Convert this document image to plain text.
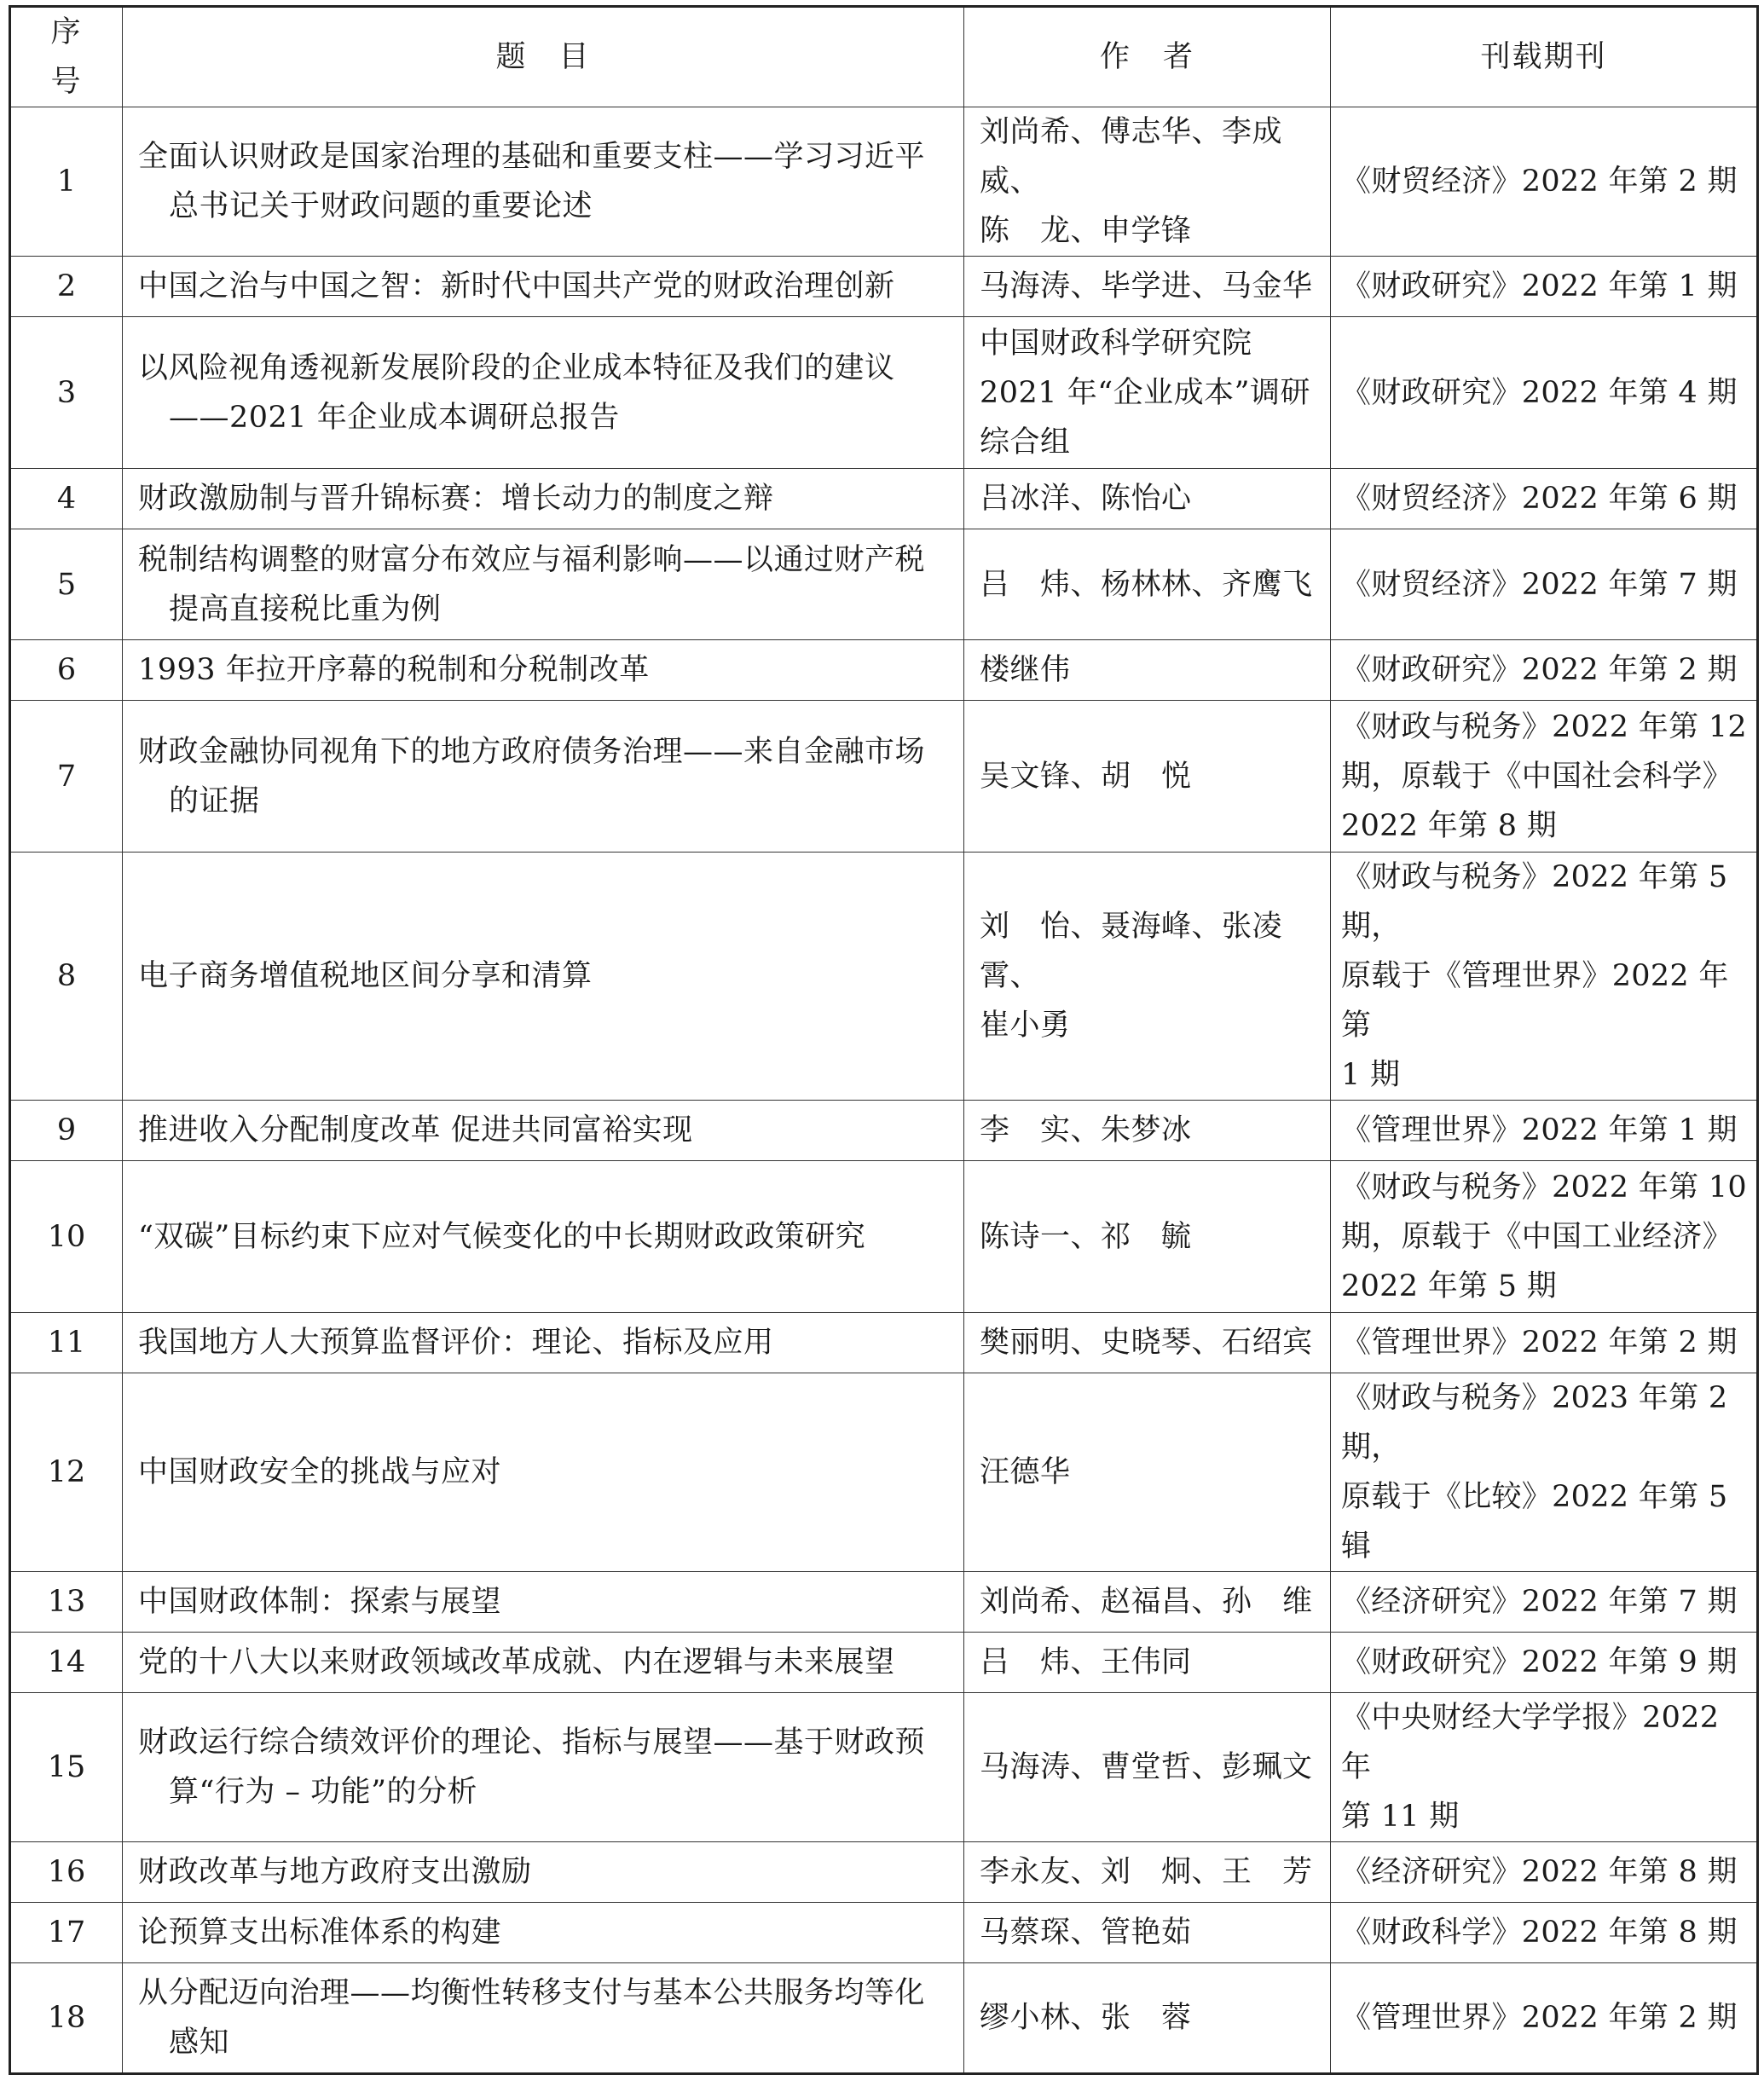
序　号	题　目	作　者	刊载期刊
1	全面认识财政是国家治理的基础和重要支柱——学习习近平
总书记关于财政问题的重要论述	刘尚希、傅志华、李成威、
陈　龙、申学锋	《财贸经济》2022 年第 2 期

2	中国之治与中国之智：新时代中国共产党的财政治理创新	马海涛、毕学进、马金华	《财政研究》2022 年第 1 期

3	以风险视角透视新发展阶段的企业成本特征及我们的建议
——2021 年企业成本调研总报告	中国财政科学研究院
2021 年“企业成本”调研
综合组	《财政研究》2022 年第 4 期

4	财政激励制与晋升锦标赛：增长动力的制度之辩	吕冰洋、陈怡心	《财贸经济》2022 年第 6 期

5	税制结构调整的财富分布效应与福利影响——以通过财产税
提高直接税比重为例	吕　炜、杨林林、齐鹰飞	《财贸经济》2022 年第 7 期

6	1993 年拉开序幕的税制和分税制改革	楼继伟	《财政研究》2022 年第 2 期

7	财政金融协同视角下的地方政府债务治理——来自金融市场
的证据	吴文锋、胡　悦	《财政与税务》2022 年第 12
期，原载于《中国社会科学》
2022 年第 8 期

8	电子商务增值税地区间分享和清算	刘　怡、聂海峰、张凌霄、
崔小勇	《财政与税务》2022 年第 5 期，
原载于《管理世界》2022 年第
1 期

9	推进收入分配制度改革 促进共同富裕实现	李　实、朱梦冰	《管理世界》2022 年第 1 期

10	“双碳”目标约束下应对气候变化的中长期财政政策研究	陈诗一、祁　毓	《财政与税务》2022 年第 10
期，原载于《中国工业经济》
2022 年第 5 期

11	我国地方人大预算监督评价：理论、指标及应用	樊丽明、史晓琴、石绍宾	《管理世界》2022 年第 2 期

12	中国财政安全的挑战与应对	汪德华	《财政与税务》2023 年第 2 期，
原载于《比较》2022 年第 5 辑

13	中国财政体制：探索与展望	刘尚希、赵福昌、孙　维	《经济研究》2022 年第 7 期

14	党的十八大以来财政领域改革成就、内在逻辑与未来展望	吕　炜、王伟同	《财政研究》2022 年第 9 期

15	财政运行综合绩效评价的理论、指标与展望——基于财政预
算“行为 – 功能”的分析	马海涛、曹堂哲、彭珮文	《中央财经大学学报》2022 年
第 11 期

16	财政改革与地方政府支出激励	李永友、刘　炯、王　芳	《经济研究》2022 年第 8 期

17	论预算支出标准体系的构建	马蔡琛、管艳茹	《财政科学》2022 年第 8 期

18	从分配迈向治理——均衡性转移支付与基本公共服务均等化
感知	缪小林、张　蓉	《管理世界》2022 年第 2 期
